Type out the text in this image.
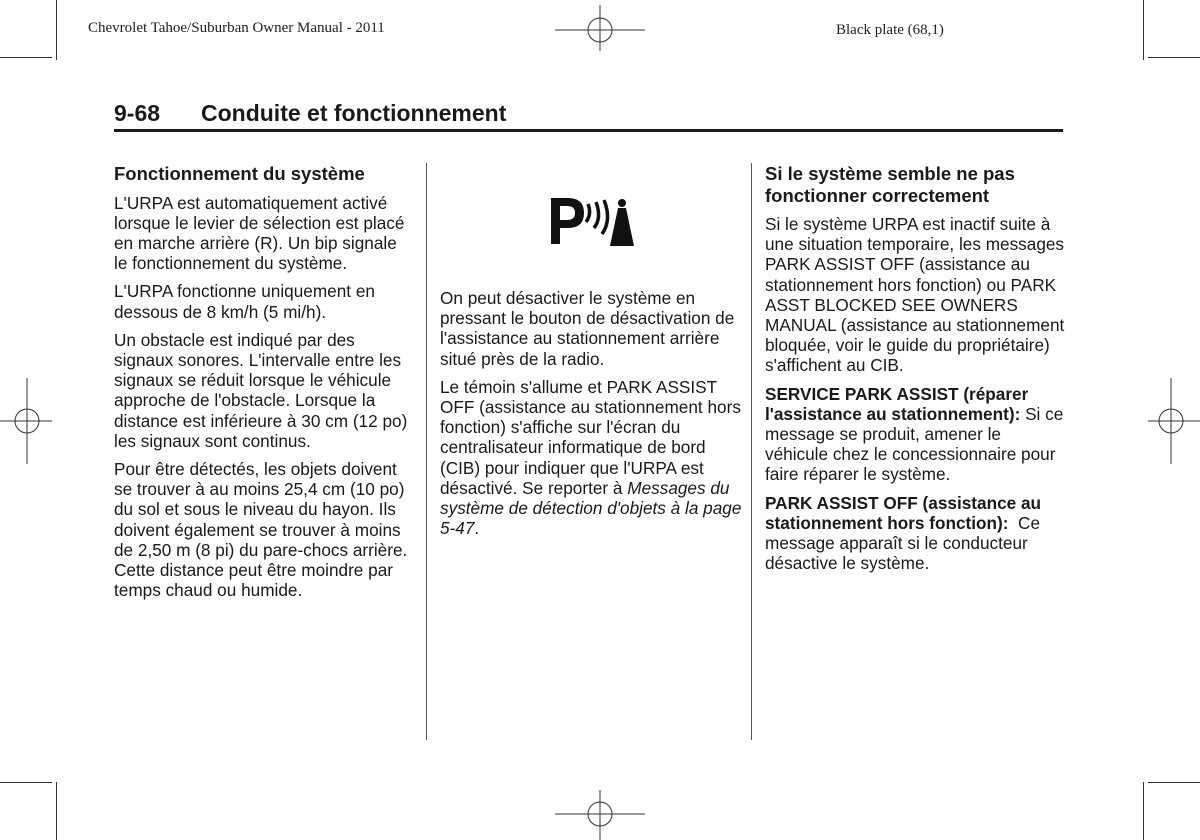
Chevrolet Tahoe/Suburban Owner Manual - 2011	Black plate (68,1)
9-68 Conduite et fonctionnement
Fonctionnement du système

L'URPA est automatiquement activé lorsque le levier de sélection est placé en marche arrière (R). Un bip signale le fonctionnement du système.

L'URPA fonctionne uniquement en dessous de 8 km/h (5 mi/h).

Un obstacle est indiqué par des signaux sonores. L'intervalle entre les signaux se réduit lorsque le véhicule approche de l'obstacle. Lorsque la distance est inférieure à 30 cm (12 po) les signaux sont continus.

Pour être détectés, les objets doivent se trouver à au moins 25,4 cm (10 po) du sol et sous le niveau du hayon. Ils doivent également se trouver à moins de 2,50 m (8 pi) du pare-chocs arrière. Cette distance peut être moindre par temps chaud ou humide.

On peut désactiver le système en pressant le bouton de désactivation de l'assistance au stationnement arrière situé près de la radio.

Le témoin s'allume et PARK ASSIST OFF (assistance au stationnement hors fonction) s'affiche sur l'écran du centralisateur informatique de bord (CIB) pour indiquer que l'URPA est désactivé. Se reporter à Messages du système de détection d'objets à la page 5-47.

Si le système semble ne pas fonctionner correctement

Si le système URPA est inactif suite à une situation temporaire, les messages PARK ASSIST OFF (assistance au stationnement hors fonction) ou PARK ASST BLOCKED SEE OWNERS MANUAL (assistance au stationnement bloquée, voir le guide du propriétaire) s'affichent au CIB.

SERVICE PARK ASSIST (réparer l'assistance au stationnement): Si ce message se produit, amener le véhicule chez le concessionnaire pour faire réparer le système.

PARK ASSIST OFF (assistance au stationnement hors fonction): Ce message apparaît si le conducteur désactive le système.
